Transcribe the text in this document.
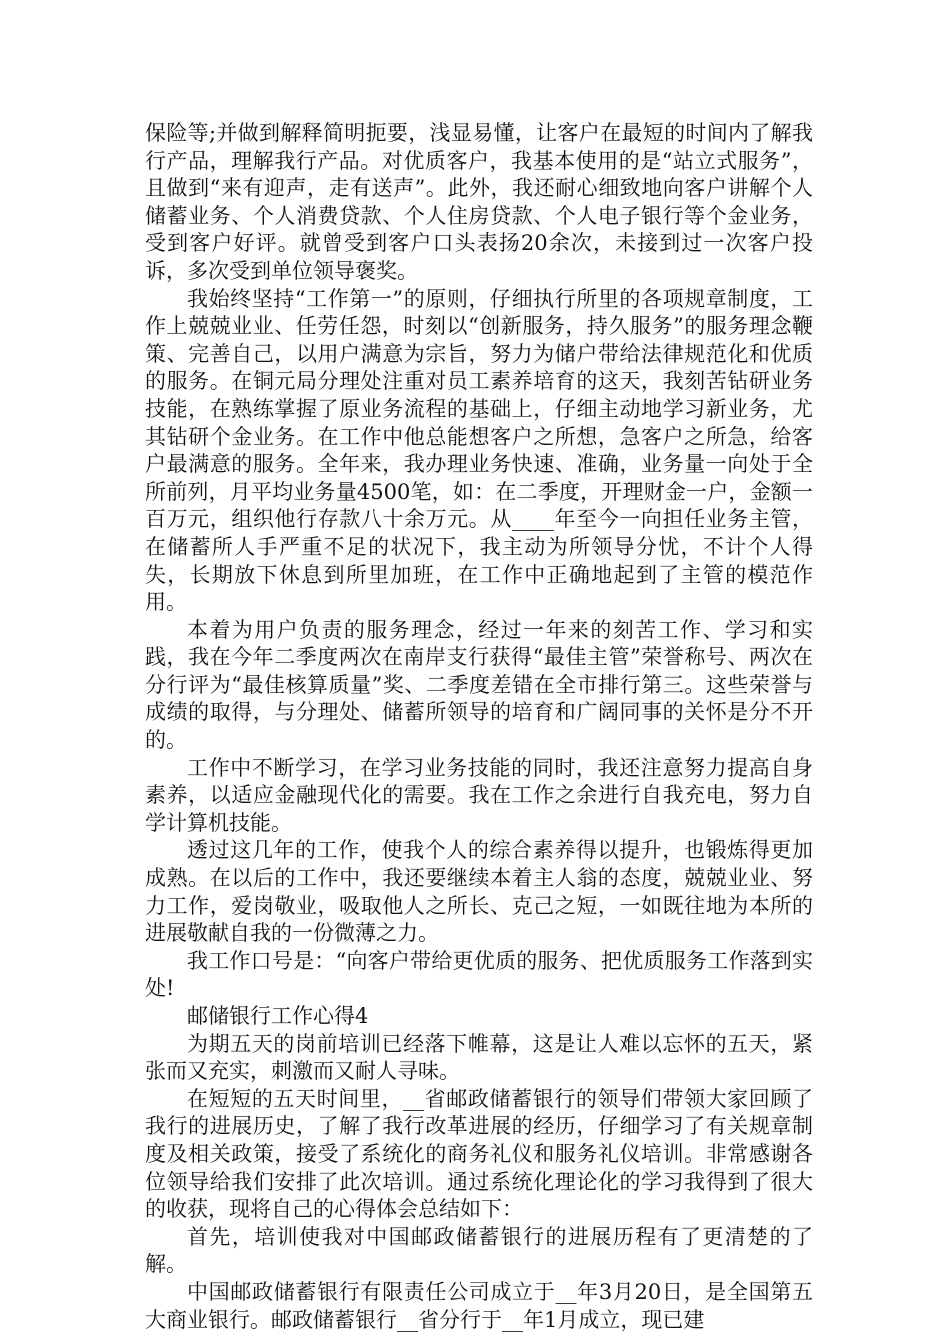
保险等;并做到解释简明扼要，浅显易懂，让客户在最短的时间内了解我行产品，理解我行产品。对优质客户，我基本使用的是“站立式服务”，且做到“来有迎声，走有送声”。此外，我还耐心细致地向客户讲解个人储蓄业务、个人消费贷款、个人住房贷款、个人电子银行等个金业务，受到客户好评。就曾受到客户口头表扬20余次，未接到过一次客户投诉，多次受到单位领导褒奖。

我始终坚持“工作第一”的原则，仔细执行所里的各项规章制度，工作上兢兢业业、任劳任怨，时刻以“创新服务，持久服务”的服务理念鞭策、完善自己，以用户满意为宗旨，努力为储户带给法律规范化和优质的服务。在铜元局分理处注重对员工素养培育的这天，我刻苦钻研业务技能，在熟练掌握了原业务流程的基础上，仔细主动地学习新业务，尤其钻研个金业务。在工作中他总能想客户之所想，急客户之所急，给客户最满意的服务。全年来，我办理业务快速、准确，业务量一向处于全所前列，月平均业务量4500笔，如：在二季度，开理财金一户，金额一百万元，组织他行存款八十余万元。从____年至今一向担任业务主管，在储蓄所人手严重不足的状况下，我主动为所领导分忧，不计个人得失，长期放下休息到所里加班，在工作中正确地起到了主管的模范作用。

本着为用户负责的服务理念，经过一年来的刻苦工作、学习和实践，我在今年二季度两次在南岸支行获得“最佳主管”荣誉称号、两次在分行评为“最佳核算质量”奖、二季度差错在全市排行第三。这些荣誉与成绩的取得，与分理处、储蓄所领导的培育和广阔同事的关怀是分不开的。

工作中不断学习，在学习业务技能的同时，我还注意努力提高自身素养，以适应金融现代化的需要。我在工作之余进行自我充电，努力自学计算机技能。

透过这几年的工作，使我个人的综合素养得以提升，也锻炼得更加成熟。在以后的工作中，我还要继续本着主人翁的态度，兢兢业业、努力工作，爱岗敬业，吸取他人之所长、克己之短，一如既往地为本所的进展敬献自我的一份微薄之力。

我工作口号是：“向客户带给更优质的服务、把优质服务工作落到实处!

邮储银行工作心得4

为期五天的岗前培训已经落下帷幕，这是让人难以忘怀的五天，紧张而又充实，刺激而又耐人寻味。

在短短的五天时间里，__省邮政储蓄银行的领导们带领大家回顾了我行的进展历史，了解了我行改革进展的经历，仔细学习了有关规章制度及相关政策，接受了系统化的商务礼仪和服务礼仪培训。非常感谢各位领导给我们安排了此次培训。通过系统化理论化的学习我得到了很大的收获，现将自己的心得体会总结如下：

首先，培训使我对中国邮政储蓄银行的进展历程有了更清楚的了解。

中国邮政储蓄银行有限责任公司成立于__年3月20日，是全国第五大商业银行。邮政储蓄银行__省分行于__年1月成立，现已建
